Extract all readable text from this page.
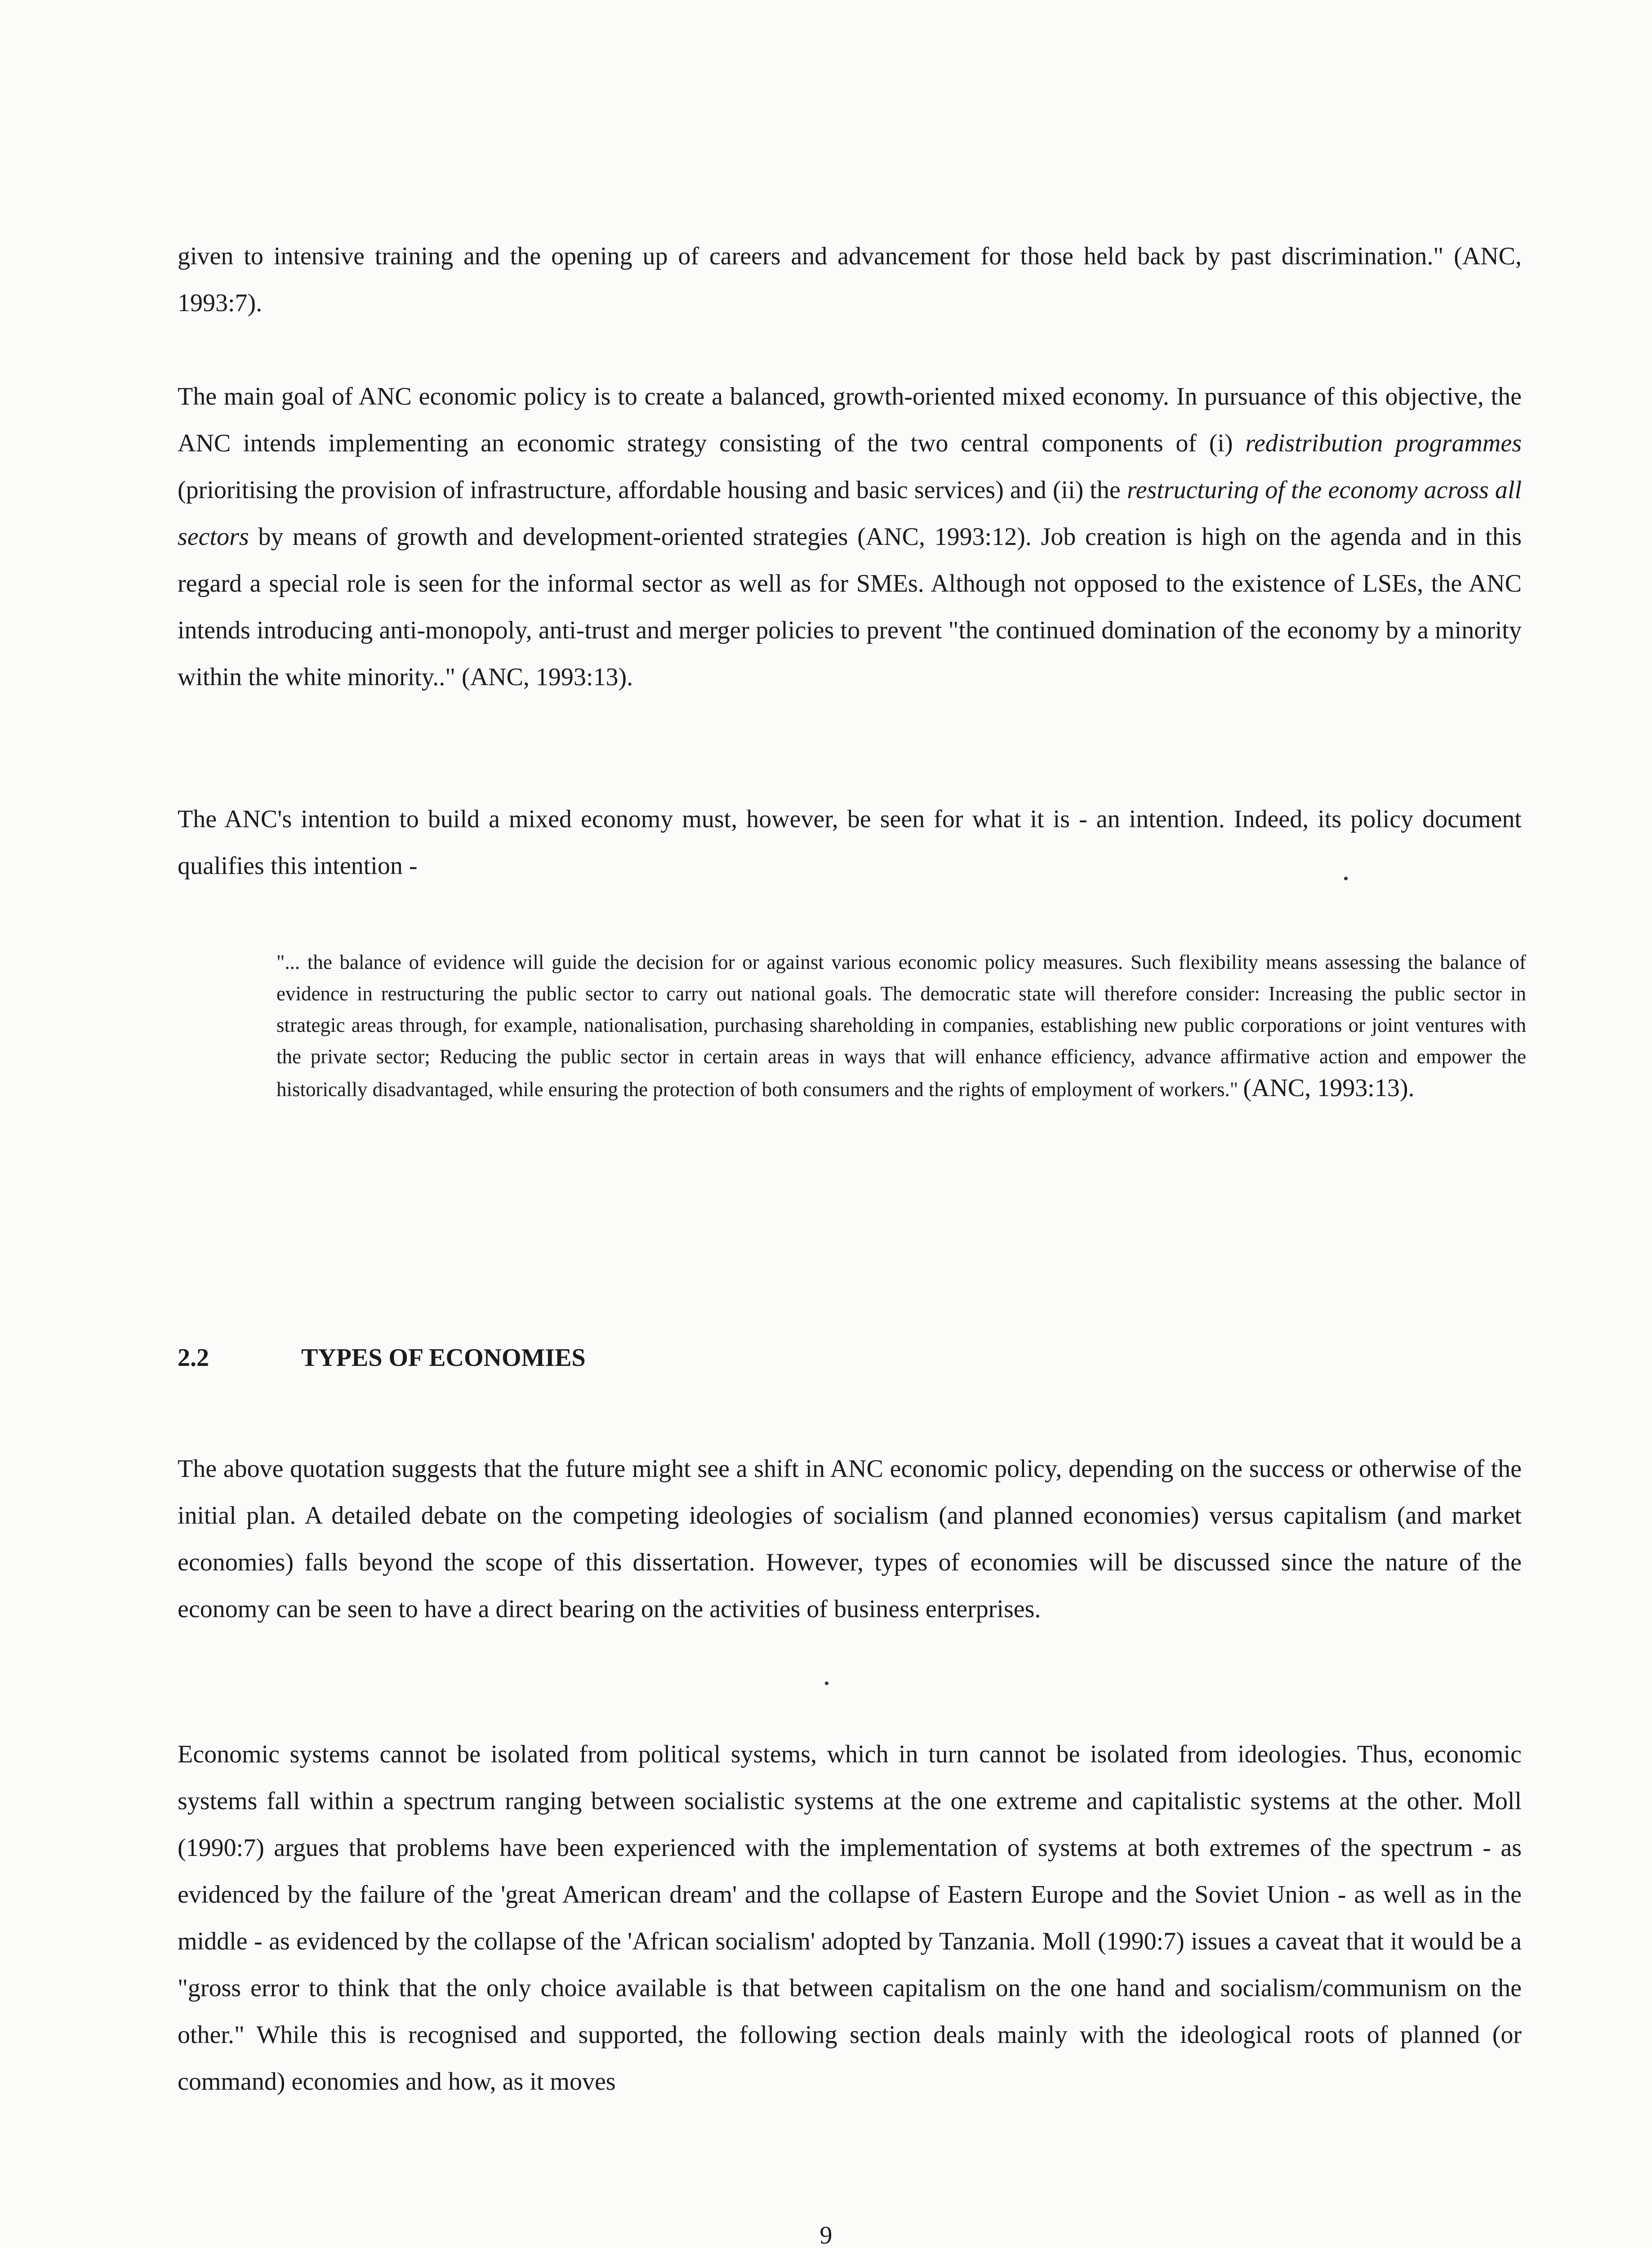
given to intensive training and the opening up of careers and advancement for those held back by past discrimination." (ANC, 1993:7).

The main goal of ANC economic policy is to create a balanced, growth-oriented mixed economy. In pursuance of this objective, the ANC intends implementing an economic strategy consisting of the two central components of (i) redistribution programmes (prioritising the provision of infrastructure, affordable housing and basic services) and (ii) the restructuring of the economy across all sectors by means of growth and development-oriented strategies (ANC, 1993:12). Job creation is high on the agenda and in this regard a special role is seen for the informal sector as well as for SMEs. Although not opposed to the existence of LSEs, the ANC intends introducing anti-monopoly, anti-trust and merger policies to prevent "the continued domination of the economy by a minority within the white minority.." (ANC, 1993:13).

The ANC's intention to build a mixed economy must, however, be seen for what it is - an intention. Indeed, its policy document qualifies this intention -

"... the balance of evidence will guide the decision for or against various economic policy measures. Such flexibility means assessing the balance of evidence in restructuring the public sector to carry out national goals. The democratic state will therefore consider: Increasing the public sector in strategic areas through, for example, nationalisation, purchasing shareholding in companies, establishing new public corporations or joint ventures with the private sector; Reducing the public sector in certain areas in ways that will enhance efficiency, advance affirmative action and empower the historically disadvantaged, while ensuring the protection of both consumers and the rights of employment of workers." (ANC, 1993:13).

2.2	TYPES OF ECONOMIES

The above quotation suggests that the future might see a shift in ANC economic policy, depending on the success or otherwise of the initial plan. A detailed debate on the competing ideologies of socialism (and planned economies) versus capitalism (and market economies) falls beyond the scope of this dissertation. However, types of economies will be discussed since the nature of the economy can be seen to have a direct bearing on the activities of business enterprises.

Economic systems cannot be isolated from political systems, which in turn cannot be isolated from ideologies. Thus, economic systems fall within a spectrum ranging between socialistic systems at the one extreme and capitalistic systems at the other. Moll (1990:7) argues that problems have been experienced with the implementation of systems at both extremes of the spectrum - as evidenced by the failure of the 'great American dream' and the collapse of Eastern Europe and the Soviet Union - as well as in the middle - as evidenced by the collapse of the 'African socialism' adopted by Tanzania. Moll (1990:7) issues a caveat that it would be a "gross error to think that the only choice available is that between capitalism on the one hand and socialism/communism on the other." While this is recognised and supported, the following section deals mainly with the ideological roots of planned (or command) economies and how, as it moves

9
